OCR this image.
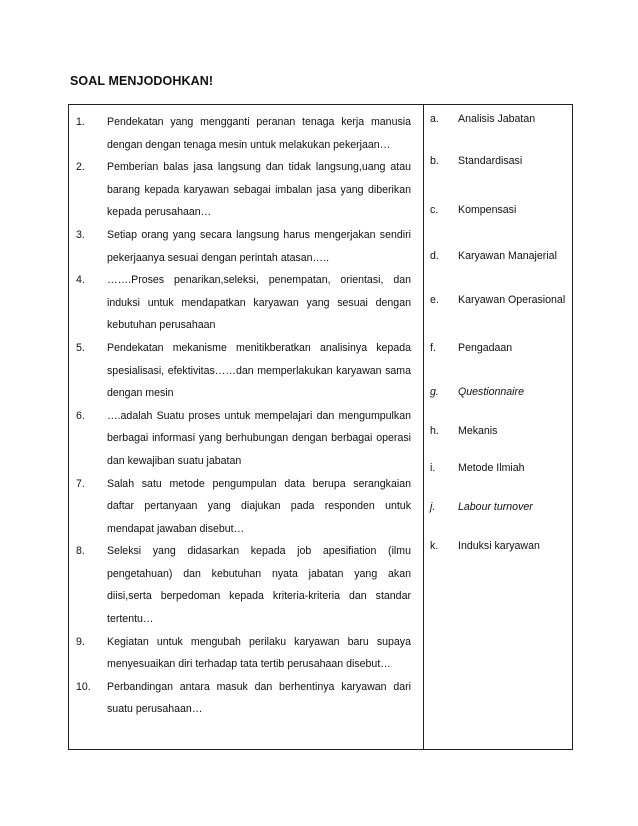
SOAL MENJODOHKAN!
1.	Pendekatan yang mengganti peranan tenaga kerja manusia dengan dengan tenaga mesin untuk melakukan pekerjaan…
2.	Pemberian balas jasa langsung dan tidak langsung,uang atau barang kepada karyawan sebagai imbalan jasa yang diberikan kepada perusahaan…
3.	Setiap orang yang secara langsung harus mengerjakan sendiri pekerjaanya sesuai dengan perintah atasan…..
4.	…….Proses penarikan,seleksi, penempatan, orientasi, dan induksi untuk mendapatkan karyawan yang sesuai dengan kebutuhan perusahaan
5.	Pendekatan mekanisme menitikberatkan analisinya kepada spesialisasi, efektivitas……dan memperlakukan karyawan sama dengan mesin
6.	….adalah Suatu proses untuk mempelajari dan mengumpulkan berbagai informasi yang berhubungan dengan berbagai operasi dan kewajiban suatu jabatan
7.	Salah satu metode pengumpulan data berupa serangkaian daftar pertanyaan yang diajukan pada responden untuk mendapat jawaban disebut…
8.	Seleksi yang didasarkan kepada job apesifiation (ilmu pengetahuan) dan kebutuhan nyata jabatan yang akan diisi,serta berpedoman kepada kriteria-kriteria dan standar tertentu…
9.	Kegiatan untuk mengubah perilaku karyawan baru supaya menyesuaikan diri terhadap tata tertib perusahaan disebut…
10.	Perbandingan antara masuk dan berhentinya karyawan dari suatu perusahaan…
a.	Analisis Jabatan
b.	Standardisasi
c.	Kompensasi
d.	Karyawan Manajerial
e.	Karyawan Operasional
f.	Pengadaan
g.	Questionnaire
h.	Mekanis
i.	Metode Ilmiah
j.	Labour turnover
k.	Induksi karyawan
